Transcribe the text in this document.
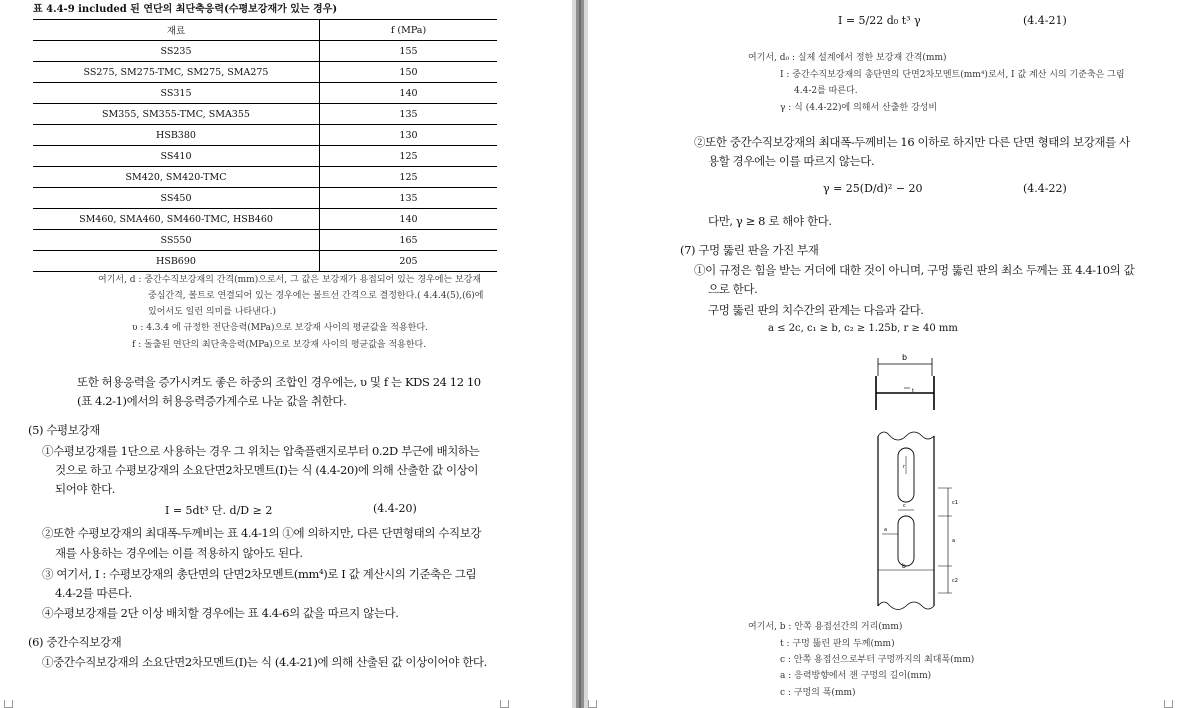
표 4.4-9 included 된 연단의 최단축응력(수평보강재가 있는 경우)
재료	f (MPa)
SS235	155
SS275, SM275-TMC, SM275, SMA275	150
SS315	140
SM355, SM355-TMC, SMA355	135
HSB380	130
SS410	125
SM420, SM420-TMC	125
SS450	135
SM460, SMA460, SM460-TMC, HSB460	140
SS550	165
HSB690	205
여기서, d : 중간수직보강재의 간격(mm)으로서, 그 값은 보강재가 용접되어 있는 경우에는 보강재
중심간격, 볼트로 연결되어 있는 경우에는 볼트선 간격으로 결정한다.( 4.4.4(5),(6)에
있어서도 일런 의미를 나타낸다.)
υ : 4.3.4 에 규정한 전단응력(MPa)으로 보강재 사이의 평균값을 적용한다.
f : 돌출된 연단의 최단축응력(MPa)으로 보강재 사이의 평균값을 적용한다.
또한 허용응력을 증가시켜도 좋은 하중의 조합인 경우에는, υ 및 f 는 KDS 24 12 10
(표 4.2-1)에서의 허용응력증가계수로 나눈 값을 취한다.
(5) 수평보강재
①수평보강재를 1단으로 사용하는 경우 그 위치는 압축플랜지로부터 0.2D 부근에 배치하는
것으로 하고 수평보강재의 소요단면2차모멘트(I)는 식 (4.4-20)에 의해 산출한 값 이상이
되어야 한다.
I = 5dt³ 단. d/D ≥ 2	(4.4-20)
②또한 수평보강재의 최대폭-두께비는 표 4.4-1의 ①에 의하지만, 다른 단면형태의 수직보강
재를 사용하는 경우에는 이를 적용하지 않아도 된다.
③ 여기서, I : 수평보강재의 총단면의 단면2차모멘트(mm⁴)로 I 값 계산시의 기준축은 그림
4.4-2를 따른다.
④수평보강재를 2단 이상 배치할 경우에는 표 4.4-6의 값을 따르지 않는다.
(6) 중간수직보강재
①중간수직보강재의 소요단면2차모멘트(I)는 식 (4.4-21)에 의해 산출된 값 이상이어야 한다.
I = 5/22 d₀ t³ γ	(4.4-21)
여기서, d₀ : 실제 설계에서 정한 보강재 간격(mm)
I : 중간수직보강재의 총단면의 단면2차모멘트(mm⁴)로서, I 값 계산 시의 기준축은 그림
4.4-2를 따른다.
γ : 식 (4.4-22)에 의해서 산출한 강성비
②또한 중간수직보강재의 최대폭-두께비는 16 이하로 하지만 다른 단면 형태의 보강재를 사
용할 경우에는 이를 따르지 않는다.
γ = 25(D/d)² − 20	(4.4-22)
다만, γ ≥ 8 로 해야 한다.
(7) 구멍 뚫린 판을 가진 부재
①이 규정은 힘을 받는 거더에 대한 것이 아니며, 구멍 뚫린 판의 최소 두께는 표 4.4-10의 값
으로 한다.
구멍 뚫린 판의 치수간의 관계는 다음과 같다.
a ≤ 2c, c₁ ≥ b, c₂ ≥ 1.25b, r ≥ 40 mm
b
t
r
c
a
b
c1
a
c2
여기서, b : 안쪽 용접선간의 거리(mm)
t : 구멍 뚫린 판의 두께(mm)
c : 안쪽 용접선으로부터 구멍까지의 최대폭(mm)
a : 응력방향에서 잰 구멍의 길이(mm)
c : 구멍의 폭(mm)
